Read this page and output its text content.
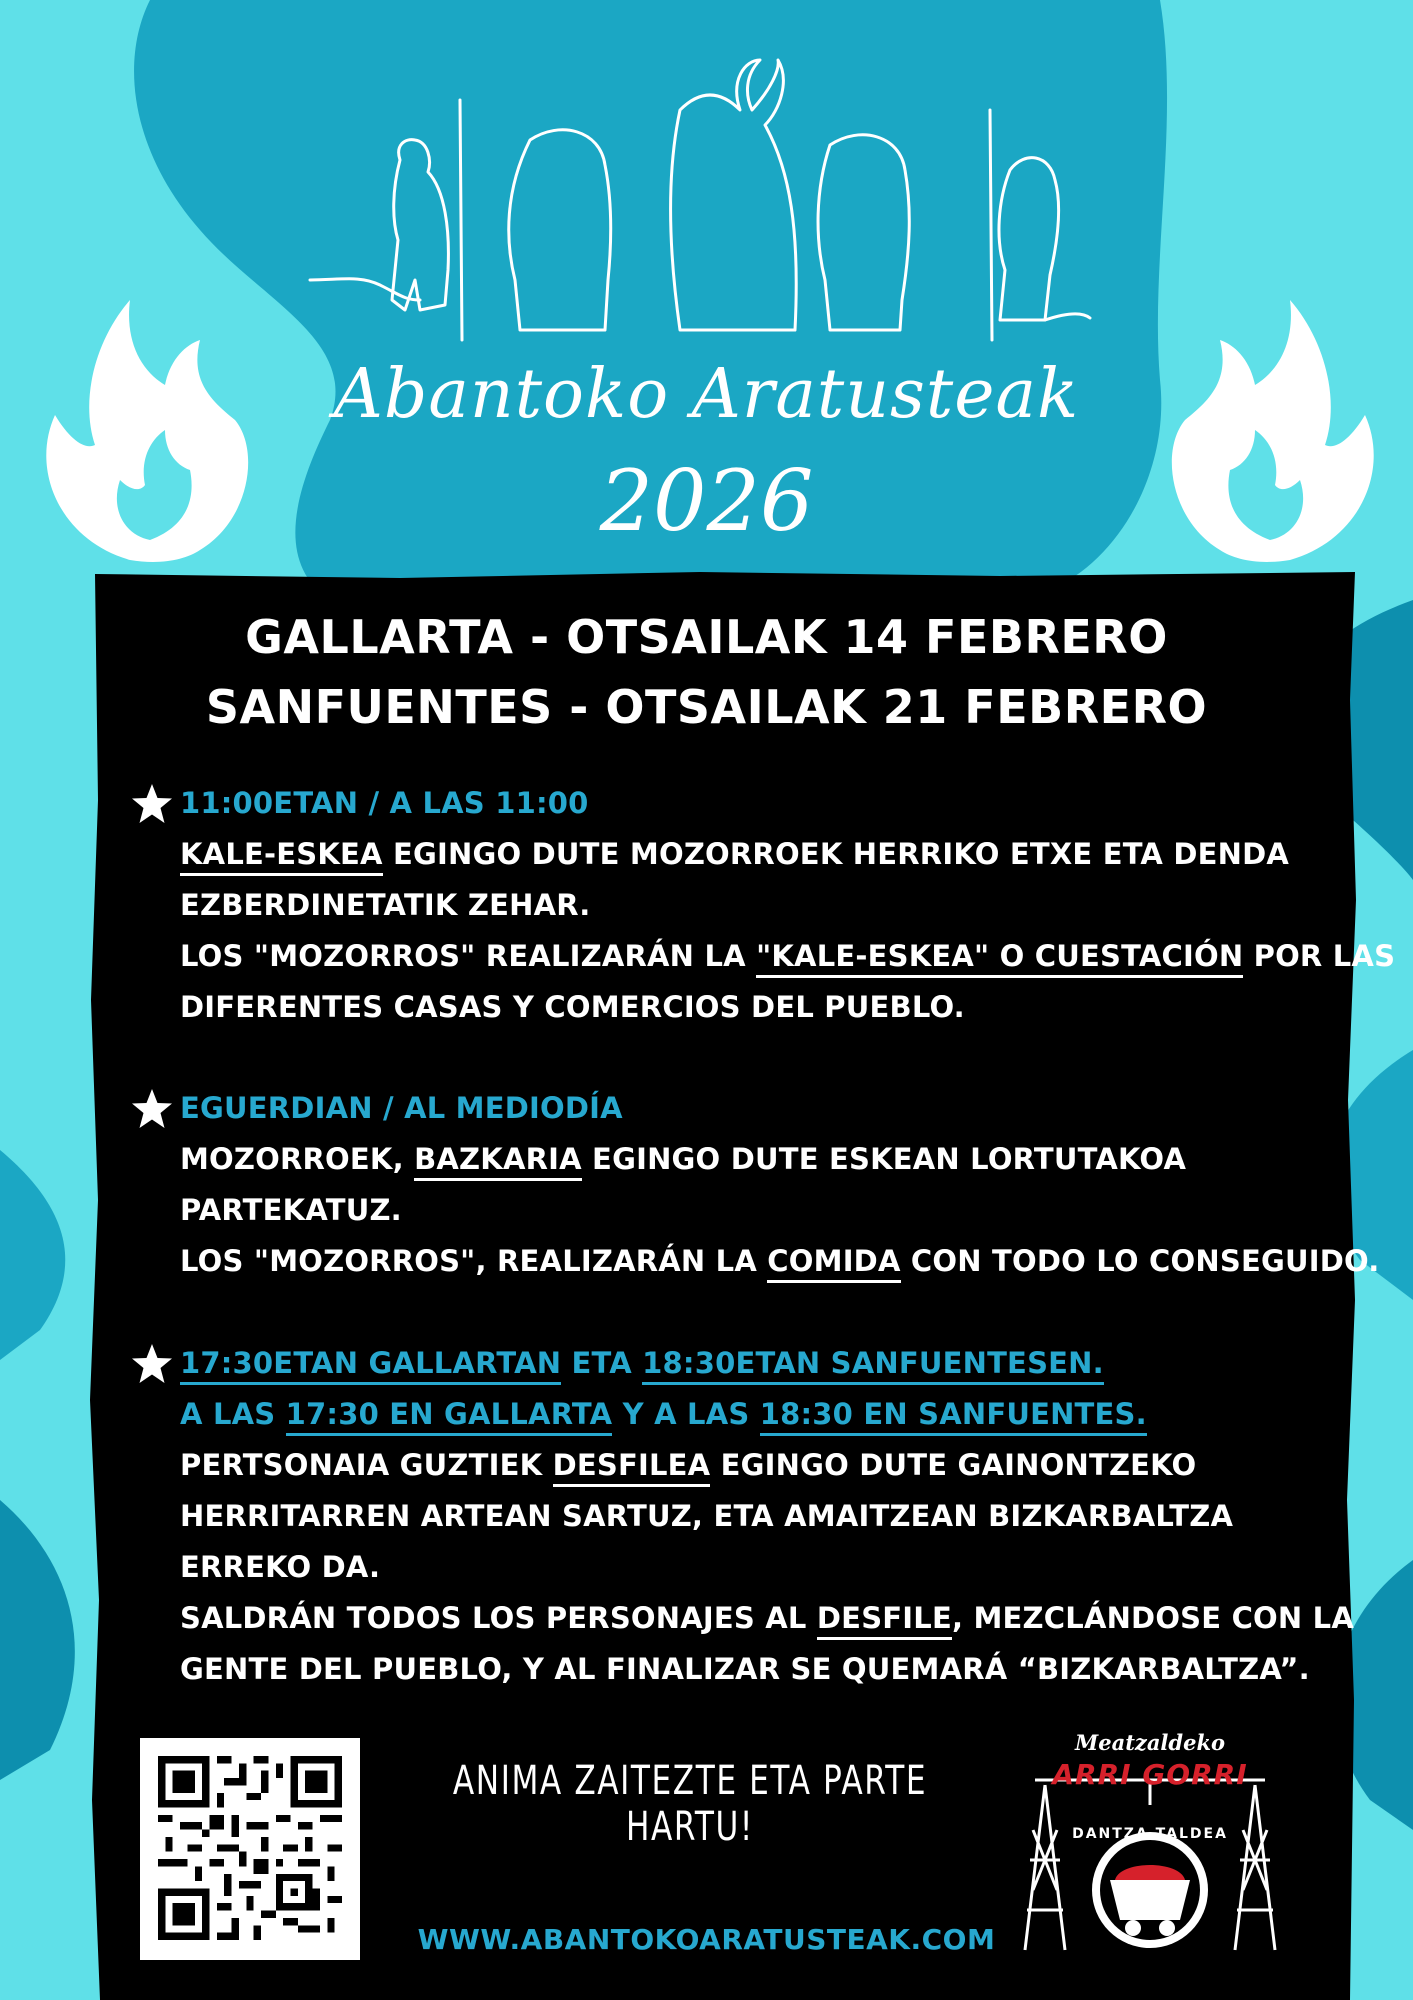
Abantoko Aratusteak
2026
GALLARTA - OTSAILAK 14 FEBRERO
SANFUENTES - OTSAILAK 21 FEBRERO
11:00ETAN / A LAS 11:00
KALE-ESKEA EGINGO DUTE MOZORROEK HERRIKO ETXE ETA DENDA
EZBERDINETATIK ZEHAR.
LOS "MOZORROS" REALIZARÁN LA "KALE-ESKEA" O CUESTACIÓN POR LAS
DIFERENTES CASAS Y COMERCIOS DEL PUEBLO.
EGUERDIAN / AL MEDIODÍA
MOZORROEK, BAZKARIA EGINGO DUTE ESKEAN LORTUTAKOA
PARTEKATUZ.
LOS "MOZORROS", REALIZARÁN LA COMIDA CON TODO LO CONSEGUIDO.
17:30ETAN GALLARTAN ETA 18:30ETAN SANFUENTESEN.
A LAS 17:30 EN GALLARTA Y A LAS 18:30 EN SANFUENTES.
PERTSONAIA GUZTIEK DESFILEA EGINGO DUTE GAINONTZEKO
HERRITARREN ARTEAN SARTUZ, ETA AMAITZEAN BIZKARBALTZA
ERREKO DA.
SALDRÁN TODOS LOS PERSONAJES AL DESFILE, MEZCLÁNDOSE CON LA
GENTE DEL PUEBLO, Y AL FINALIZAR SE QUEMARÁ “BIZKARBALTZA”.
ANIMA ZAITEZTE ETA PARTE HARTU!
WWW.ABANTOKOARATUSTEAK.COM
Meatzaldeko
ARRI GORRI
DANTZA TALDEA
